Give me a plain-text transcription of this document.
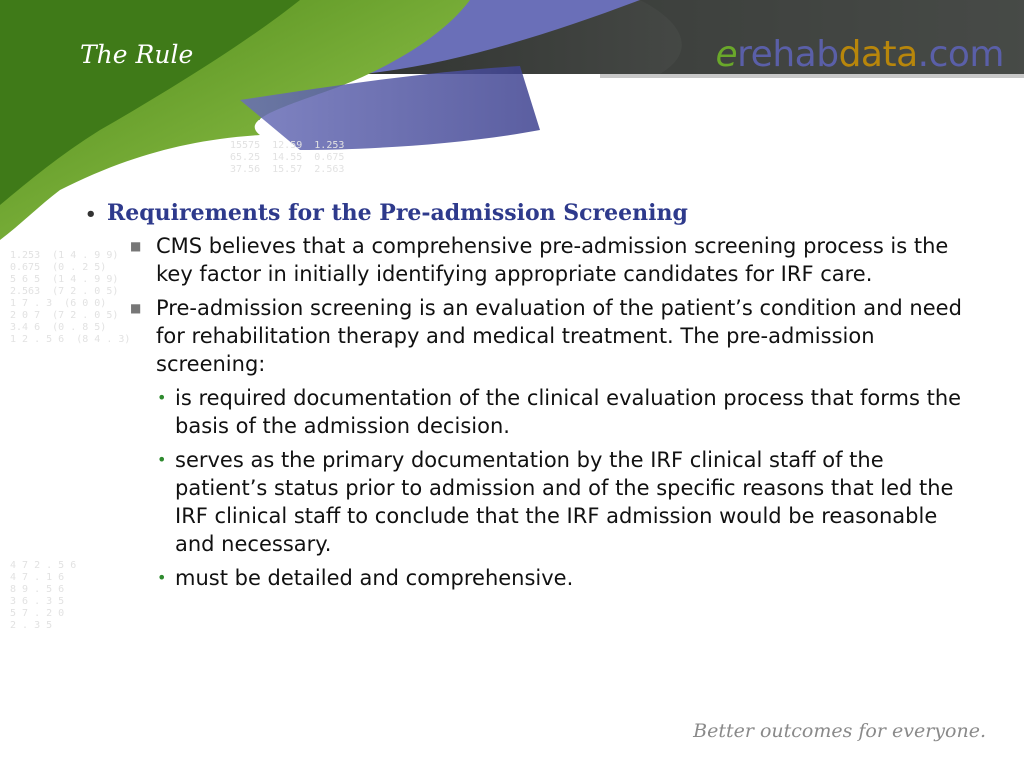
15575  12.59  1.253
65.25  14.55  0.675
37.56  15.57  2.563

1.253  (1 4 . 9 9)
0.675  (0 . 2 5)
5 6 5  (1 4 . 9 9)
2.563  (7 2 . 0 5)
1 7 . 3  (6 0 0)
2 0 7  (7 2 . 0 5)
3.4 6  (0 . 8 5)
1 2 . 5 6  (8 4 . 3)

4 7 2 . 5 6
4 7 . 1 6
8 9 . 5 6
3 6 . 3 5
5 7 . 2 0
2 . 3 5

The Rule	erehabdata.com
• Requirements for the Pre-admission Screening
■ CMS believes that a comprehensive pre-admission screening process is the key factor in initially identifying appropriate candidates for IRF care.
■ Pre-admission screening is an evaluation of the patient’s condition and need for rehabilitation therapy and medical treatment. The pre-admission screening:
• is required documentation of the clinical evaluation process that forms the basis of the admission decision.
• serves as the primary documentation by the IRF clinical staff of the patient’s status prior to admission and of the specific reasons that led the IRF clinical staff to conclude that the IRF admission would be reasonable and necessary.
• must be detailed and comprehensive.
Better outcomes for everyone.
